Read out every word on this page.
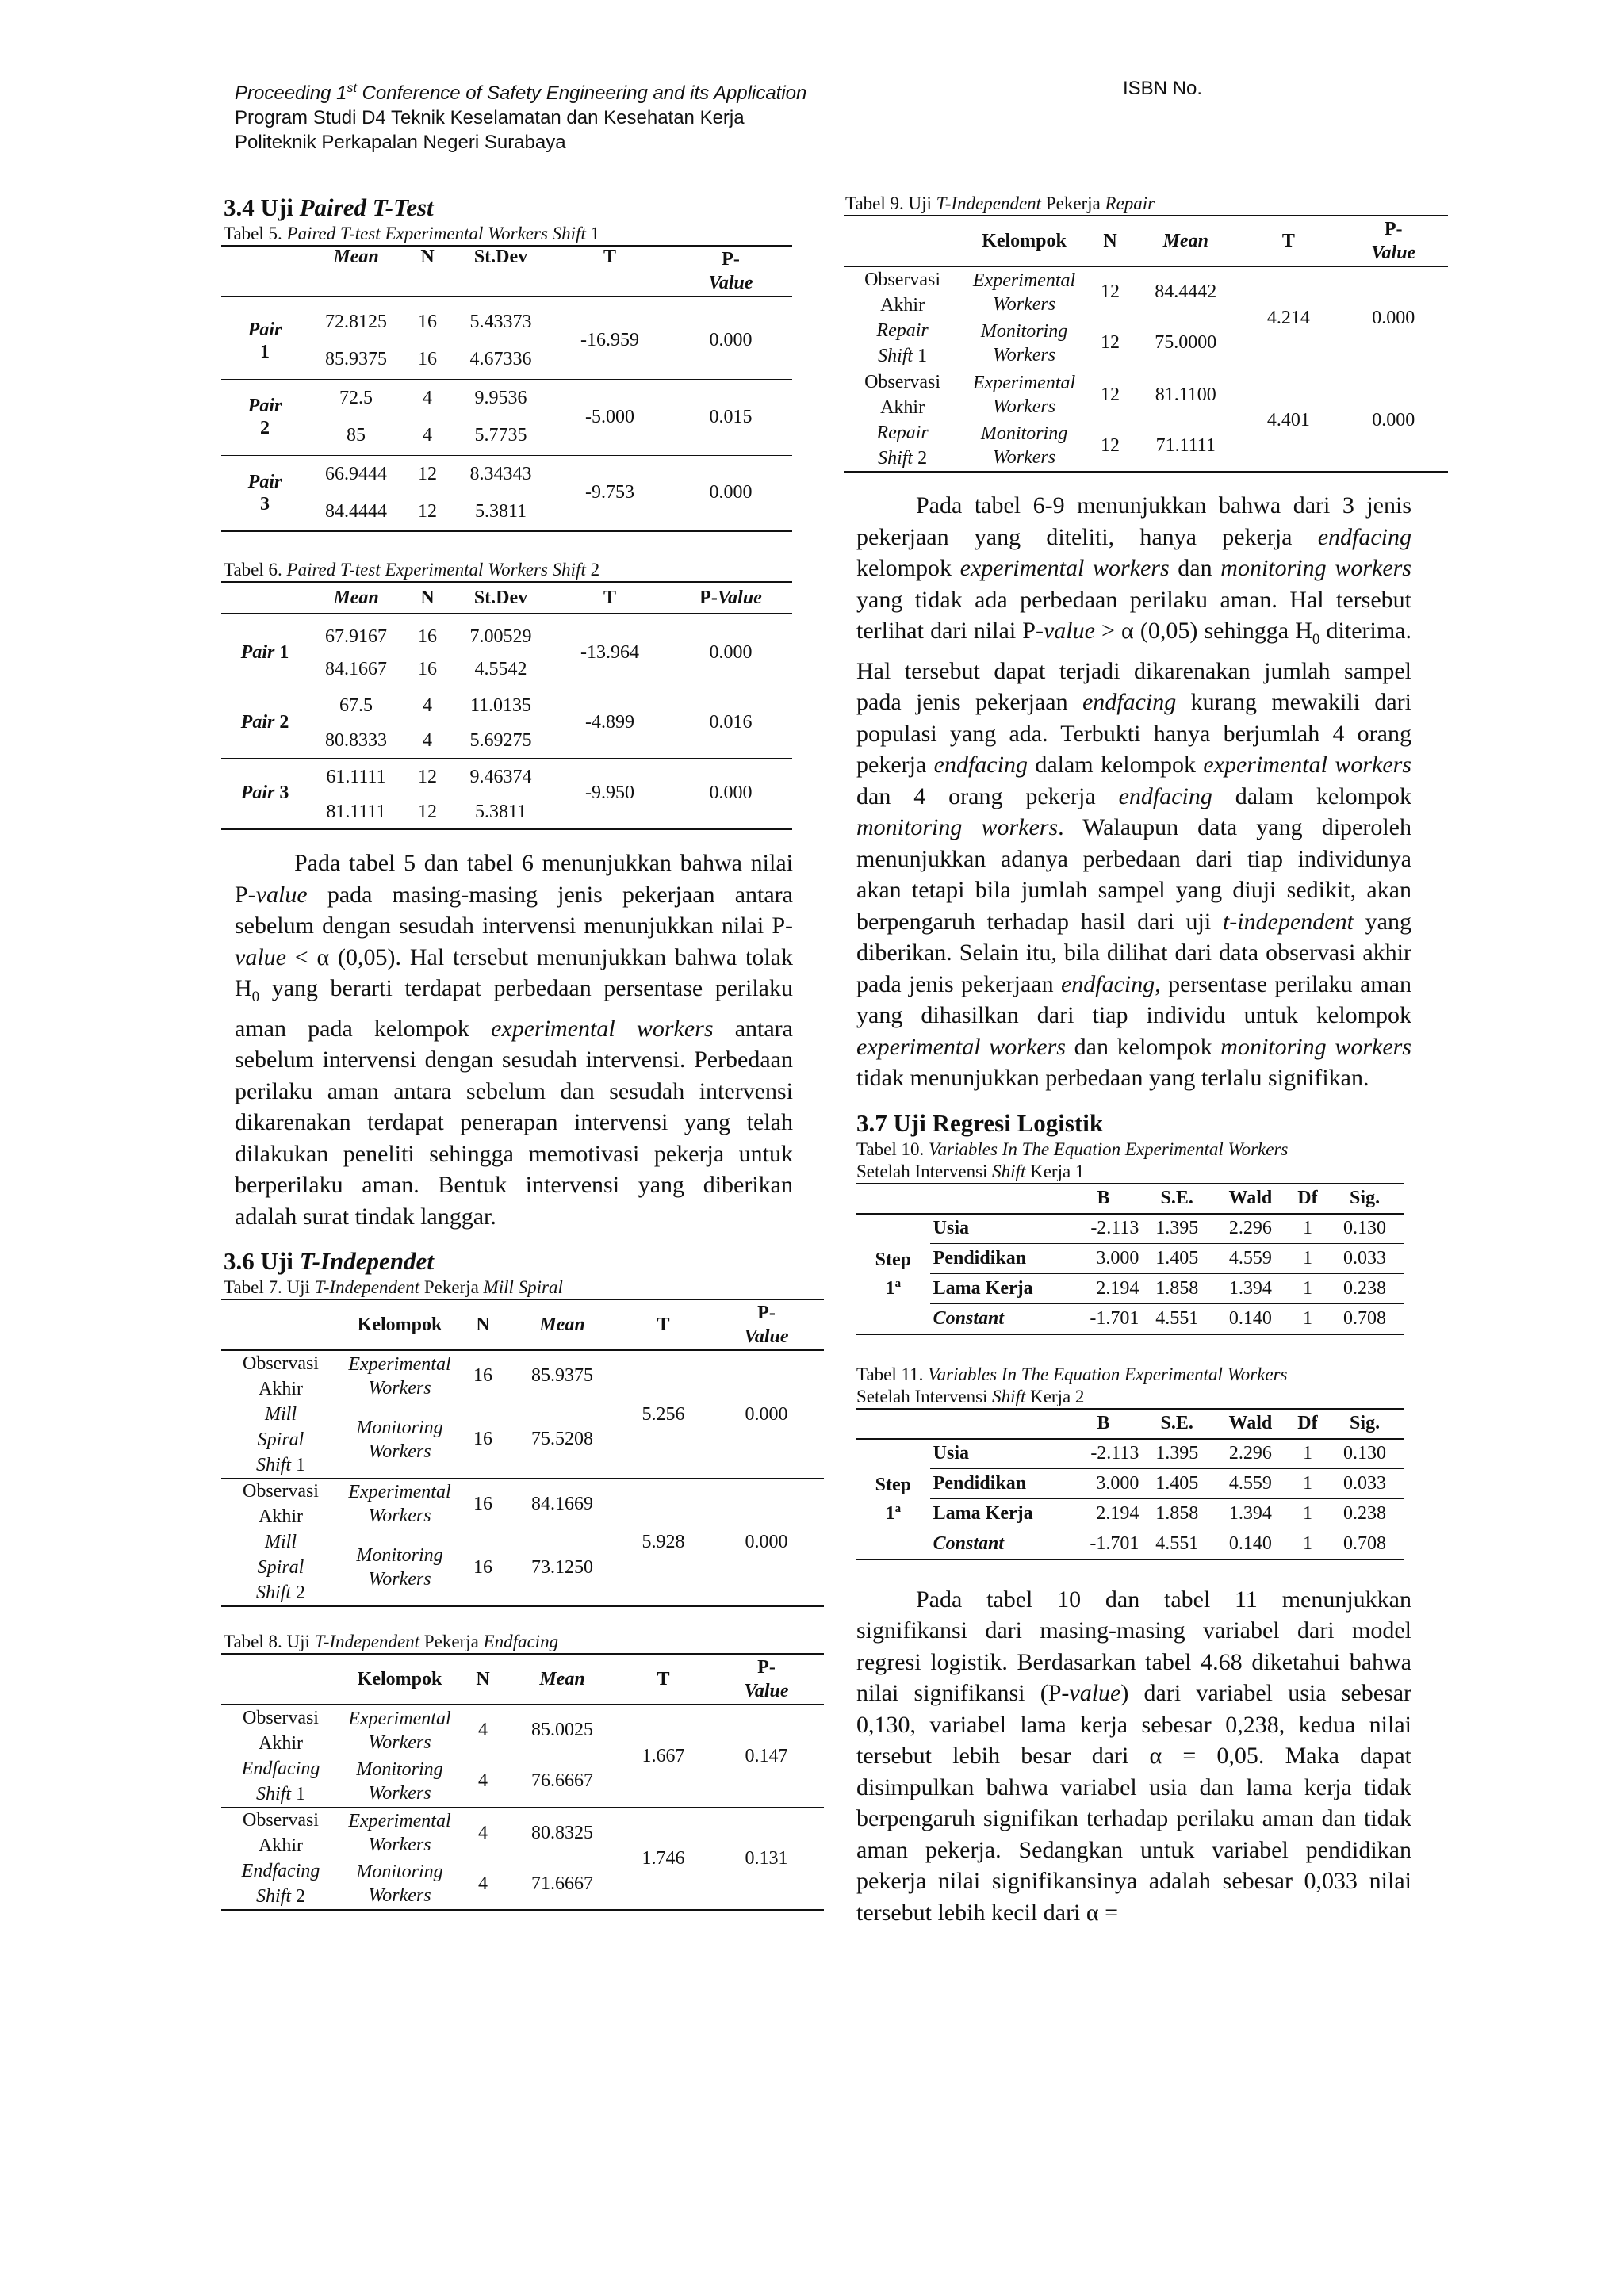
Proceeding 1st Conference of Safety Engineering and its Application	ISBN No.
Program Studi D4 Teknik Keselamatan dan Kesehatan Kerja
Politeknik Perkapalan Negeri Surabaya
3.4 Uji Paired T-Test

Tabel 5. Paired T-test Experimental Workers Shift 1

	Mean	N	St.Dev	T	P-
Value

Pair
1	72.8125	16	5.43373	-16.959	0.000
	85.9375	16	4.67336		
Pair
2	72.5	4	9.9536	-5.000	0.015
	85	4	5.7735		
Pair
3	66.9444	12	8.34343	-9.753	0.000
	84.4444	12	5.3811		

Tabel 6. Paired T-test Experimental Workers Shift 2

	Mean	N	St.Dev	T	P-Value

Pair 1	67.9167	16	7.00529	-13.964	0.000
	84.1667	16	4.5542		
Pair 2	67.5	4	11.0135	-4.899	0.016
	80.8333	4	5.69275		
Pair 3	61.1111	12	9.46374	-9.950	0.000
	81.1111	12	5.3811		

Pada tabel 5 dan tabel 6 menunjukkan bahwa nilai P-value pada masing-masing jenis pekerjaan antara sebelum dengan sesudah intervensi menunjukkan nilai P-value < α (0,05). Hal tersebut menunjukkan bahwa tolak $H_0$ yang berarti terdapat perbedaan persentase perilaku aman pada kelompok experimental workers antara sebelum intervensi dengan sesudah intervensi. Perbedaan perilaku aman antara sebelum dan sesudah intervensi dikarenakan terdapat penerapan intervensi yang telah dilakukan peneliti sehingga memotivasi pekerja untuk berperilaku aman. Bentuk intervensi yang diberikan adalah surat tindak langgar.

3.6 Uji T-Independet

Tabel 7. Uji T-Independent Pekerja Mill Spiral

	Kelompok	N	Mean	T	P-
Value
Observasi
Akhir
Mill
Spiral
Shift 1	Experimental
Workers	16	85.9375	5.256	0.000
	Monitoring
Workers	16	75.5208		
Observasi
Akhir
Mill
Spiral
Shift 2	Experimental
Workers	16	84.1669	5.928	0.000
	Monitoring
Workers	16	73.1250		

Tabel 8. Uji T-Independent Pekerja Endfacing

	Kelompok	N	Mean	T	P-
Value
Observasi
Akhir
Endfacing
Shift 1	Experimental
Workers	4	85.0025	1.667	0.147
	Monitoring
Workers	4	76.6667		
Observasi
Akhir
Endfacing
Shift 2	Experimental
Workers	4	80.8325	1.746	0.131
	Monitoring
Workers	4	71.6667		

Tabel 9. Uji T-Independent Pekerja Repair

	Kelompok	N	Mean	T	P-
Value
Observasi
Akhir
Repair
Shift 1	Experimental
Workers	12	84.4442	4.214	0.000
	Monitoring
Workers	12	75.0000		
Observasi
Akhir
Repair
Shift 2	Experimental
Workers	12	81.1100	4.401	0.000
	Monitoring
Workers	12	71.1111		

Pada tabel 6-9 menunjukkan bahwa dari 3 jenis pekerjaan yang diteliti, hanya pekerja endfacing kelompok experimental workers dan monitoring workers yang tidak ada perbedaan perilaku aman. Hal tersebut terlihat dari nilai P-value > α (0,05) sehingga $H_0$ diterima. Hal tersebut dapat terjadi dikarenakan jumlah sampel pada jenis pekerjaan endfacing kurang mewakili dari populasi yang ada. Terbukti hanya berjumlah 4 orang pekerja endfacing dalam kelompok experimental workers dan 4 orang pekerja endfacing dalam kelompok monitoring workers. Walaupun data yang diperoleh menunjukkan adanya perbedaan dari tiap individunya akan tetapi bila jumlah sampel yang diuji sedikit, akan berpengaruh terhadap hasil dari uji t-independent yang diberikan. Selain itu, bila dilihat dari data observasi akhir pada jenis pekerjaan endfacing, persentase perilaku aman yang dihasilkan dari tiap individu untuk kelompok experimental workers dan kelompok monitoring workers tidak menunjukkan perbedaan yang terlalu signifikan.

3.7 Uji Regresi Logistik

Tabel 10. Variables In The Equation Experimental Workers
Setelah Intervensi Shift Kerja 1

		B	S.E.	Wald	Df	Sig.
Step
1$^a$	Usia	-2.113	1.395	2.296	1	0.130
	Pendidikan	3.000	1.405	4.559	1	0.033
	Lama Kerja	2.194	1.858	1.394	1	0.238
	Constant	-1.701	4.551	0.140	1	0.708

Tabel 11. Variables In The Equation Experimental Workers
Setelah Intervensi Shift Kerja 2

		B	S.E.	Wald	Df	Sig.
Step
1$^a$	Usia	-2.113	1.395	2.296	1	0.130
	Pendidikan	3.000	1.405	4.559	1	0.033
	Lama Kerja	2.194	1.858	1.394	1	0.238
	Constant	-1.701	4.551	0.140	1	0.708

Pada tabel 10 dan tabel 11 menunjukkan signifikansi dari masing-masing variabel dari model regresi logistik. Berdasarkan tabel 4.68 diketahui bahwa nilai signifikansi (P-value) dari variabel usia sebesar 0,130, variabel lama kerja sebesar 0,238, kedua nilai tersebut lebih besar dari α = 0,05. Maka dapat disimpulkan bahwa variabel usia dan lama kerja tidak berpengaruh signifikan terhadap perilaku aman dan tidak aman pekerja. Sedangkan untuk variabel pendidikan pekerja nilai signifikansinya adalah sebesar 0,033 nilai tersebut lebih kecil dari α =
